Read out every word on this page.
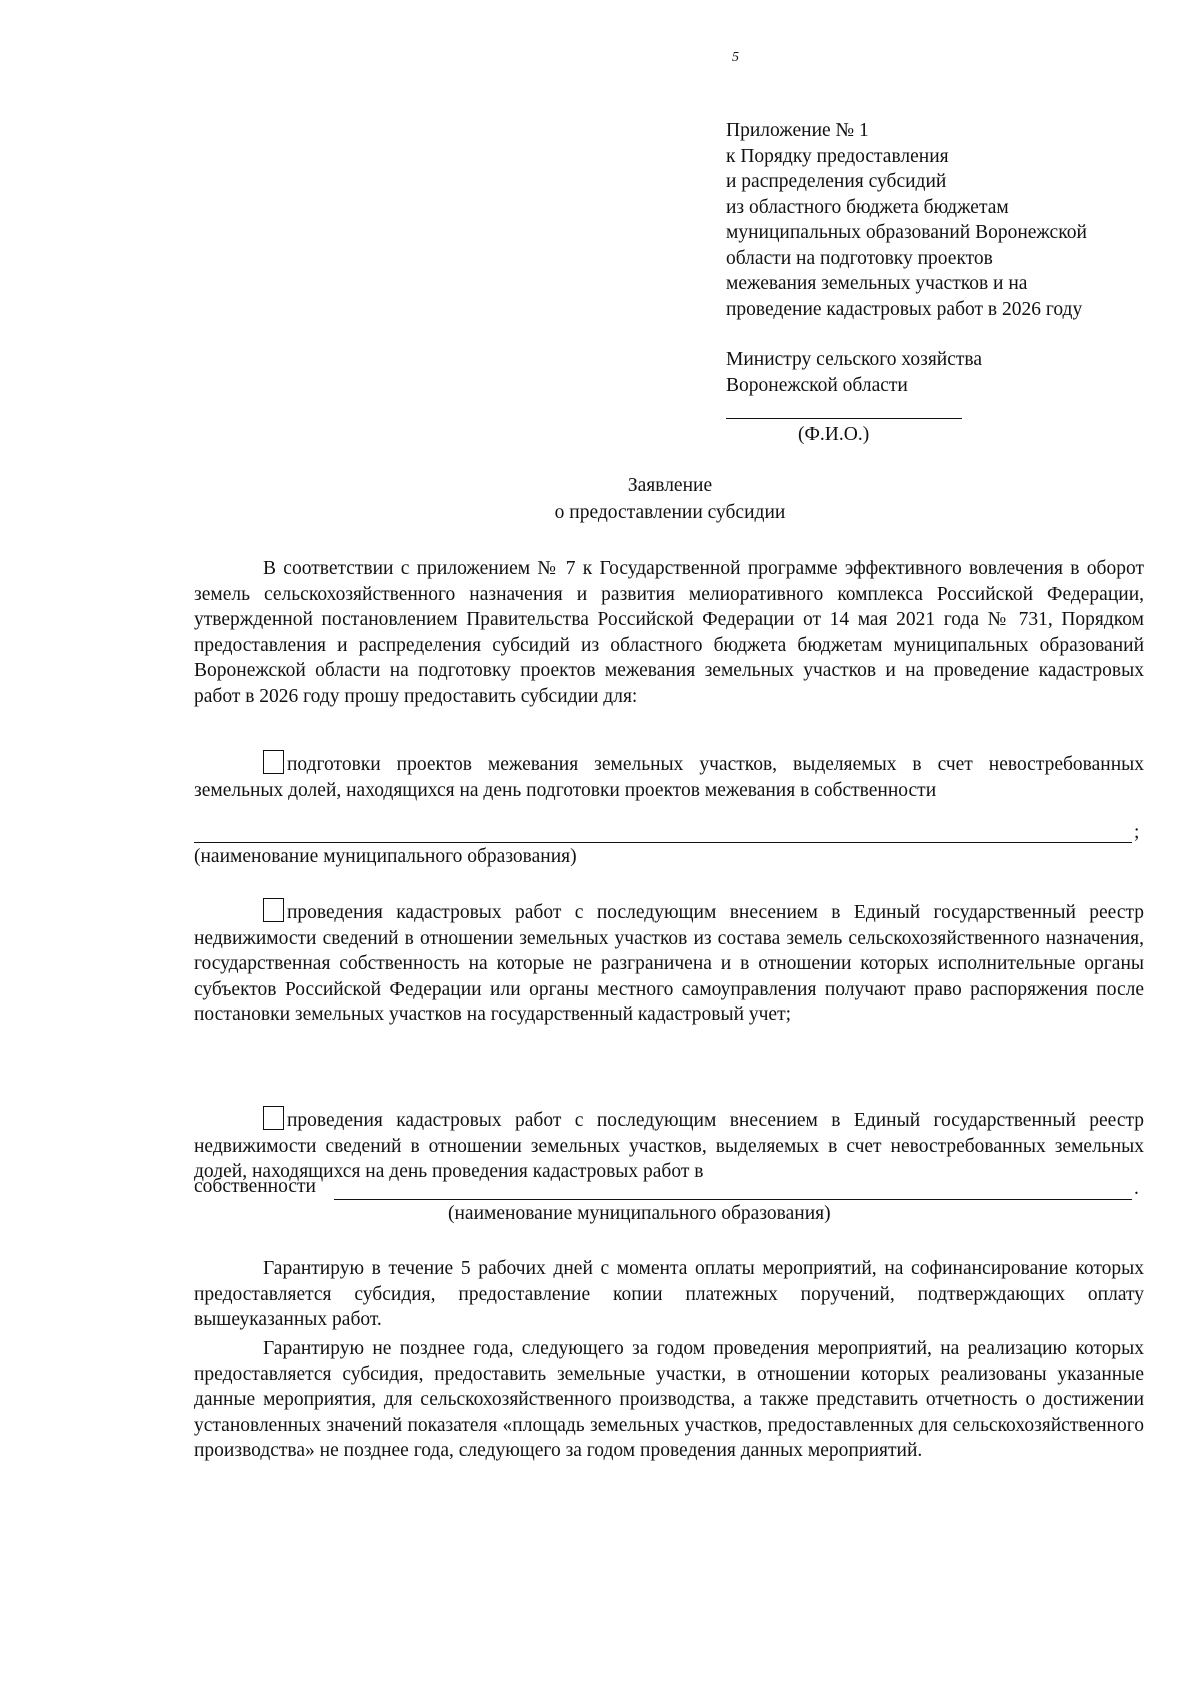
5
Приложение № 1
к Порядку предоставления
и распределения субсидий
из областного бюджета бюджетам
муниципальных образований Воронежской
области на подготовку проектов
межевания земельных участков и на
проведение кадастровых работ в 2026 году
Министру сельского хозяйства
Воронежской области
(Ф.И.О.)
Заявление
о предоставлении субсидии

В соответствии с приложением № 7 к Государственной программе эффективного вовлечения в оборот земель сельскохозяйственного назначения и развития мелиоративного комплекса Российской Федерации, утвержденной постановлением Правительства Российской Федерации от 14 мая 2021 года № 731, Порядком предоставления и распределения субсидий из областного бюджета бюджетам муниципальных образований Воронежской области на подготовку проектов межевания земельных участков и на проведение кадастровых работ в 2026 году прошу предоставить субсидии для:

подготовки проектов межевания земельных участков, выделяемых в счет невостребованных земельных долей, находящихся на день подготовки проектов межевания в собственности

;
(наименование муниципального образования)

проведения кадастровых работ с последующим внесением в Единый государственный реестр недвижимости сведений в отношении земельных участков из состава земель сельскохозяйственного назначения, государственная собственность на которые не разграничена и в отношении которых исполнительные органы субъектов Российской Федерации или органы местного самоуправления получают право распоряжения после постановки земельных участков на государственный кадастровый учет;

проведения кадастровых работ с последующим внесением в Единый государственный реестр недвижимости сведений в отношении земельных участков, выделяемых в счет невостребованных земельных долей, находящихся на день проведения кадастровых работ в

собственности	.
(наименование муниципального образования)

Гарантирую в течение 5 рабочих дней с момента оплаты мероприятий, на софинансирование которых предоставляется субсидия, предоставление копии платежных поручений, подтверждающих оплату вышеуказанных работ.

Гарантирую не позднее года, следующего за годом проведения мероприятий, на реализацию которых предоставляется субсидия, предоставить земельные участки, в отношении которых реализованы указанные данные мероприятия, для сельскохозяйственного производства, а также представить отчетность о достижении установленных значений показателя «площадь земельных участков, предоставленных для сельскохозяйственного производства» не позднее года, следующего за годом проведения данных мероприятий.
